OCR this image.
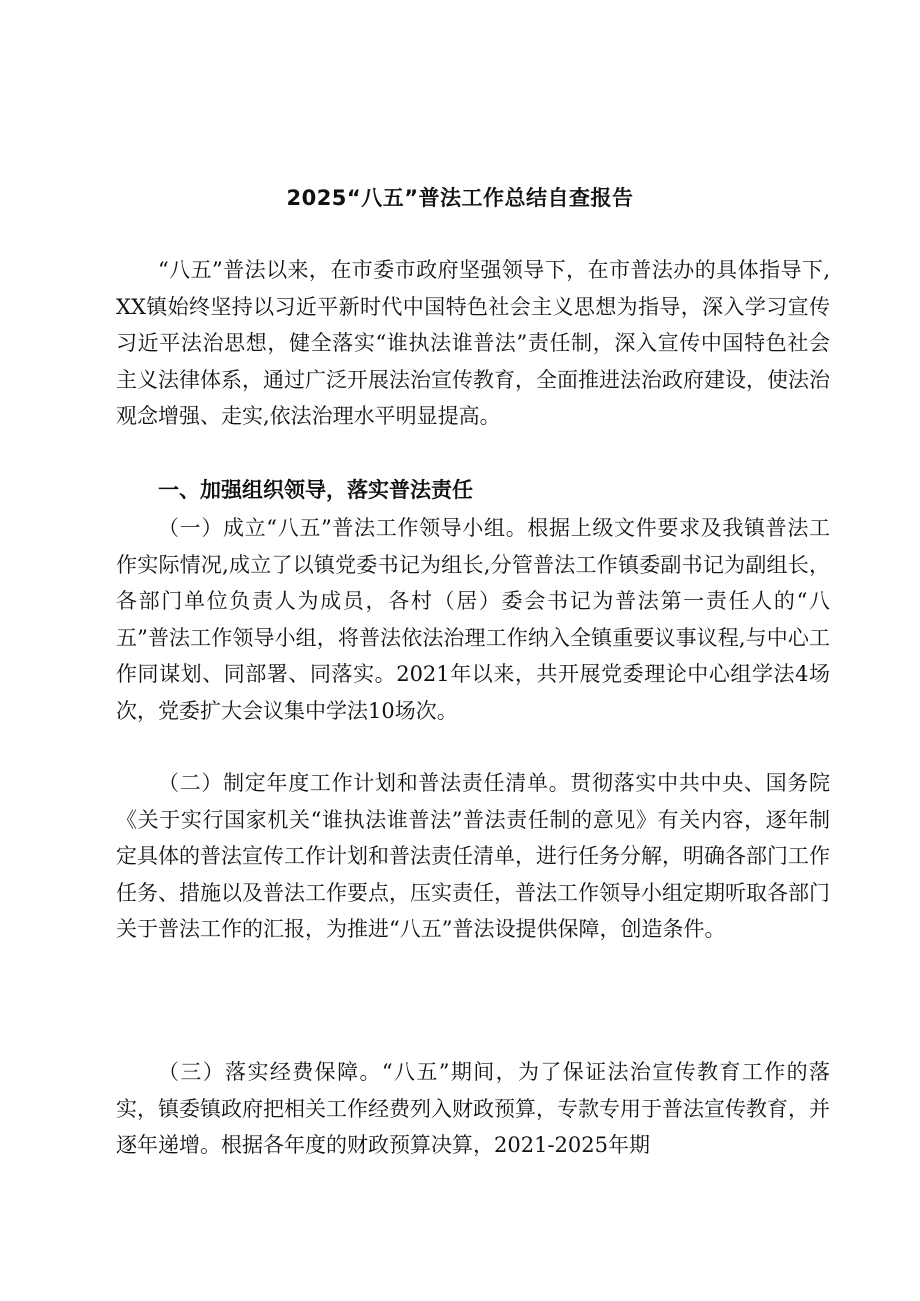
2025“八五”普法工作总结自查报告

“八五”普法以来，在市委市政府坚强领导下，在市普法办的具体指导下,XX镇始终坚持以习近平新时代中国特色社会主义思想为指导，深入学习宣传习近平法治思想，健全落实“谁执法谁普法”责任制，深入宣传中国特色社会主义法律体系，通过广泛开展法治宣传教育，全面推进法治政府建设，使法治观念增强、走实,依法治理水平明显提高。

一、加强组织领导，落实普法责任

（一）成立“八五”普法工作领导小组。根据上级文件要求及我镇普法工作实际情况,成立了以镇党委书记为组长,分管普法工作镇委副书记为副组长，各部门单位负责人为成员，各村（居）委会书记为普法第一责任人的“八五”普法工作领导小组，将普法依法治理工作纳入全镇重要议事议程,与中心工作同谋划、同部署、同落实。2021年以来，共开展党委理论中心组学法4场次，党委扩大会议集中学法10场次。

（二）制定年度工作计划和普法责任清单。贯彻落实中共中央、国务院《关于实行国家机关“谁执法谁普法”普法责任制的意见》有关内容，逐年制定具体的普法宣传工作计划和普法责任清单，进行任务分解，明确各部门工作任务、措施以及普法工作要点，压实责任，普法工作领导小组定期听取各部门关于普法工作的汇报，为推进“八五”普法设提供保障，创造条件。

（三）落实经费保障。“八五”期间，为了保证法治宣传教育工作的落实，镇委镇政府把相关工作经费列入财政预算，专款专用于普法宣传教育，并逐年递增。根据各年度的财政预算决算，2021-2025年期
